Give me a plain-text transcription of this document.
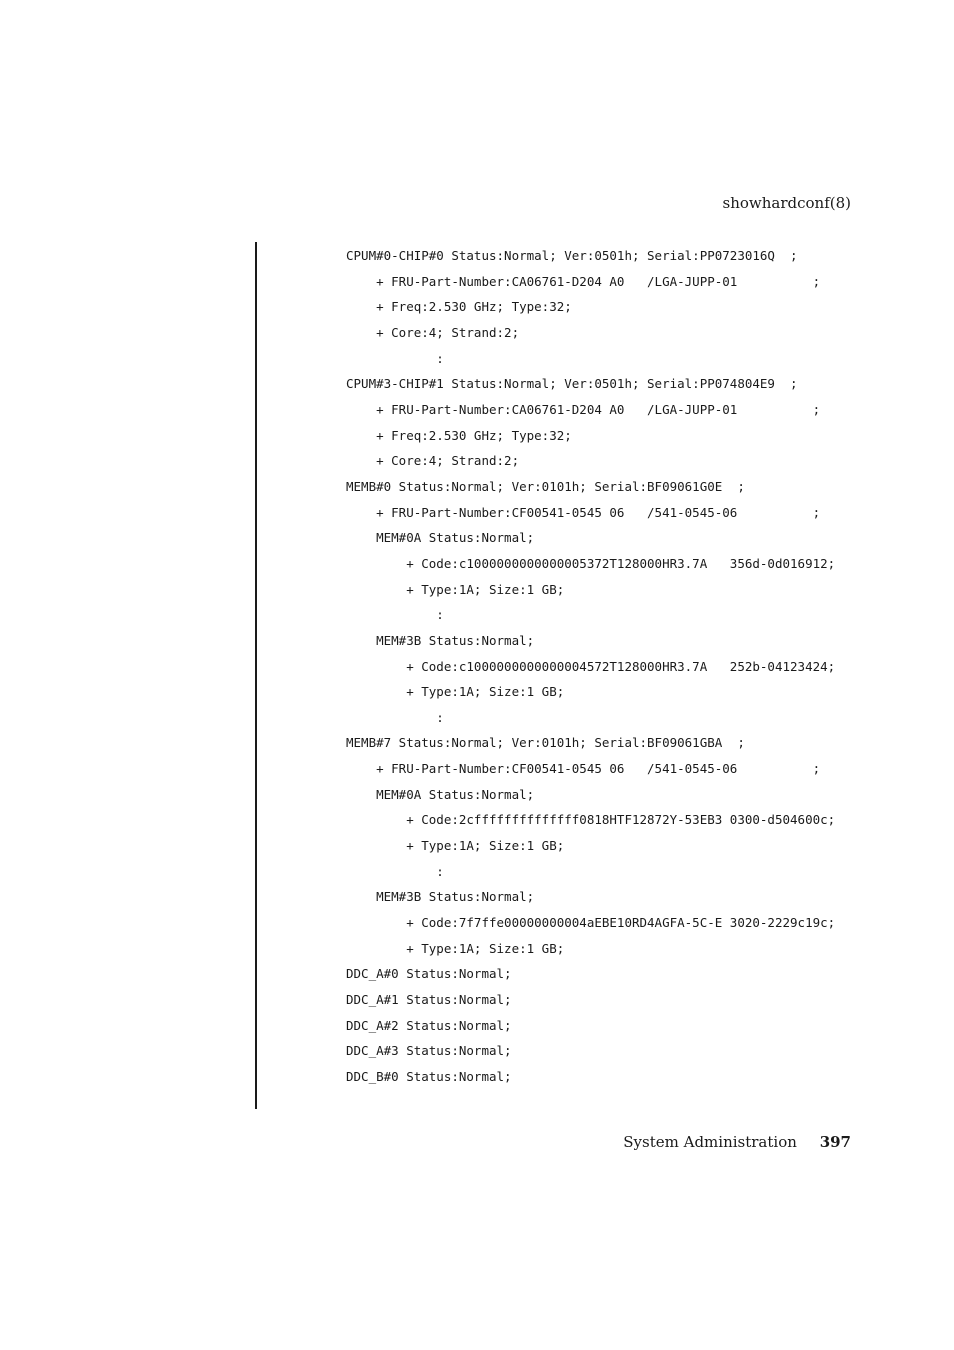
showhardconf(8)
CPUM#0-CHIP#0 Status:Normal; Ver:0501h; Serial:PP0723016Q  ;
+ FRU-Part-Number:CA06761-D204 A0   /LGA-JUPP-01          ;
+ Freq:2.530 GHz; Type:32;
+ Core:4; Strand:2;
:
CPUM#3-CHIP#1 Status:Normal; Ver:0501h; Serial:PP074804E9  ;
+ FRU-Part-Number:CA06761-D204 A0   /LGA-JUPP-01          ;
+ Freq:2.530 GHz; Type:32;
+ Core:4; Strand:2;
MEMB#0 Status:Normal; Ver:0101h; Serial:BF09061G0E  ;
+ FRU-Part-Number:CF00541-0545 06   /541-0545-06          ;
MEM#0A Status:Normal;
+ Code:c1000000000000005372T128000HR3.7A   356d-0d016912;
+ Type:1A; Size:1 GB;
:
MEM#3B Status:Normal;
+ Code:c1000000000000004572T128000HR3.7A   252b-04123424;
+ Type:1A; Size:1 GB;
:
MEMB#7 Status:Normal; Ver:0101h; Serial:BF09061GBA  ;
+ FRU-Part-Number:CF00541-0545 06   /541-0545-06          ;
MEM#0A Status:Normal;
+ Code:2cffffffffffffff0818HTF12872Y-53EB3 0300-d504600c;
+ Type:1A; Size:1 GB;
:
MEM#3B Status:Normal;
+ Code:7f7ffe00000000004aEBE10RD4AGFA-5C-E 3020-2229c19c;
+ Type:1A; Size:1 GB;
DDC_A#0 Status:Normal;
DDC_A#1 Status:Normal;
DDC_A#2 Status:Normal;
DDC_A#3 Status:Normal;
DDC_B#0 Status:Normal;
System Administration 397
